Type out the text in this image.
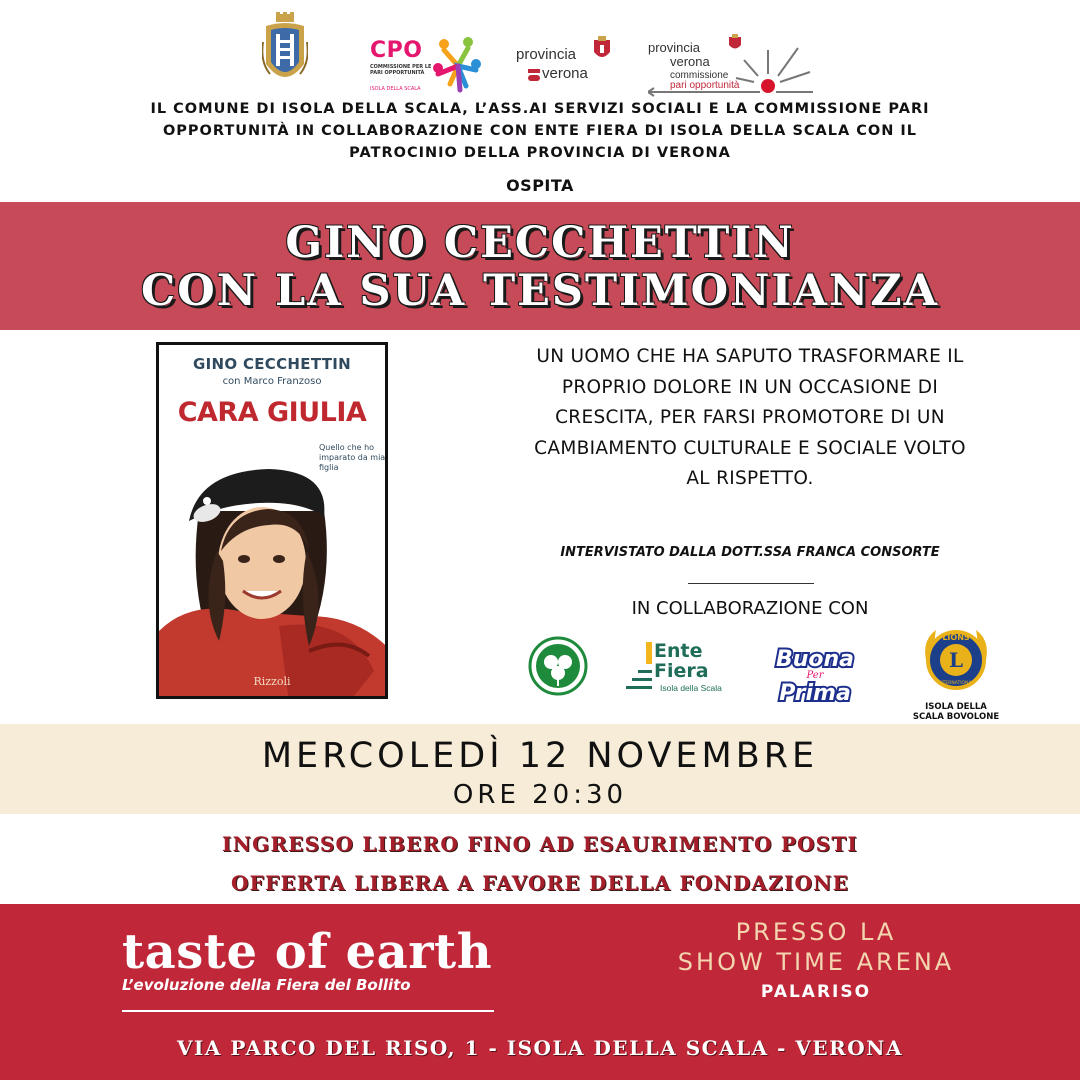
CPO
COMMISSIONE PER LE PARI OPPORTUNITÀ
ISOLA DELLA SCALA
provincia
verona
provincia
verona
commissione
pari opportunità
IL COMUNE DI ISOLA DELLA SCALA, L’ASS.AI SERVIZI SOCIALI E LA COMMISSIONE PARI OPPORTUNITÀ IN COLLABORAZIONE CON ENTE FIERA DI ISOLA DELLA SCALA CON IL PATROCINIO DELLA PROVINCIA DI VERONA
OSPITA
GINO CECCHETTIN
CON LA SUA TESTIMONIANZA
GINO CECCHETTIN
con Marco Franzoso
CARA GIULIA
Quello che ho imparato da mia figlia
Rizzoli
UN UOMO CHE HA SAPUTO TRASFORMARE IL PROPRIO DOLORE IN UN OCCASIONE DI CRESCITA, PER FARSI PROMOTORE DI UN CAMBIAMENTO CULTURALE E SOCIALE VOLTO AL RISPETTO.
INTERVISTATO DALLA DOTT.SSA FRANCA CONSORTE
IN COLLABORAZIONE CON
Ente
Fiera
Isola della Scala
Buona
Per
Prima
L
LIONS
INTERNATIONAL
ISOLA DELLA SCALA BOVOLONE
MERCOLEDÌ 12 NOVEMBRE
ORE 20:30
INGRESSO LIBERO FINO AD ESAURIMENTO POSTI
OFFERTA LIBERA A FAVORE DELLA FONDAZIONE
taste of earth
L’evoluzione della Fiera del Bollito
PRESSO LA
SHOW TIME ARENA
PALARISO
VIA PARCO DEL RISO, 1 - ISOLA DELLA SCALA - VERONA
